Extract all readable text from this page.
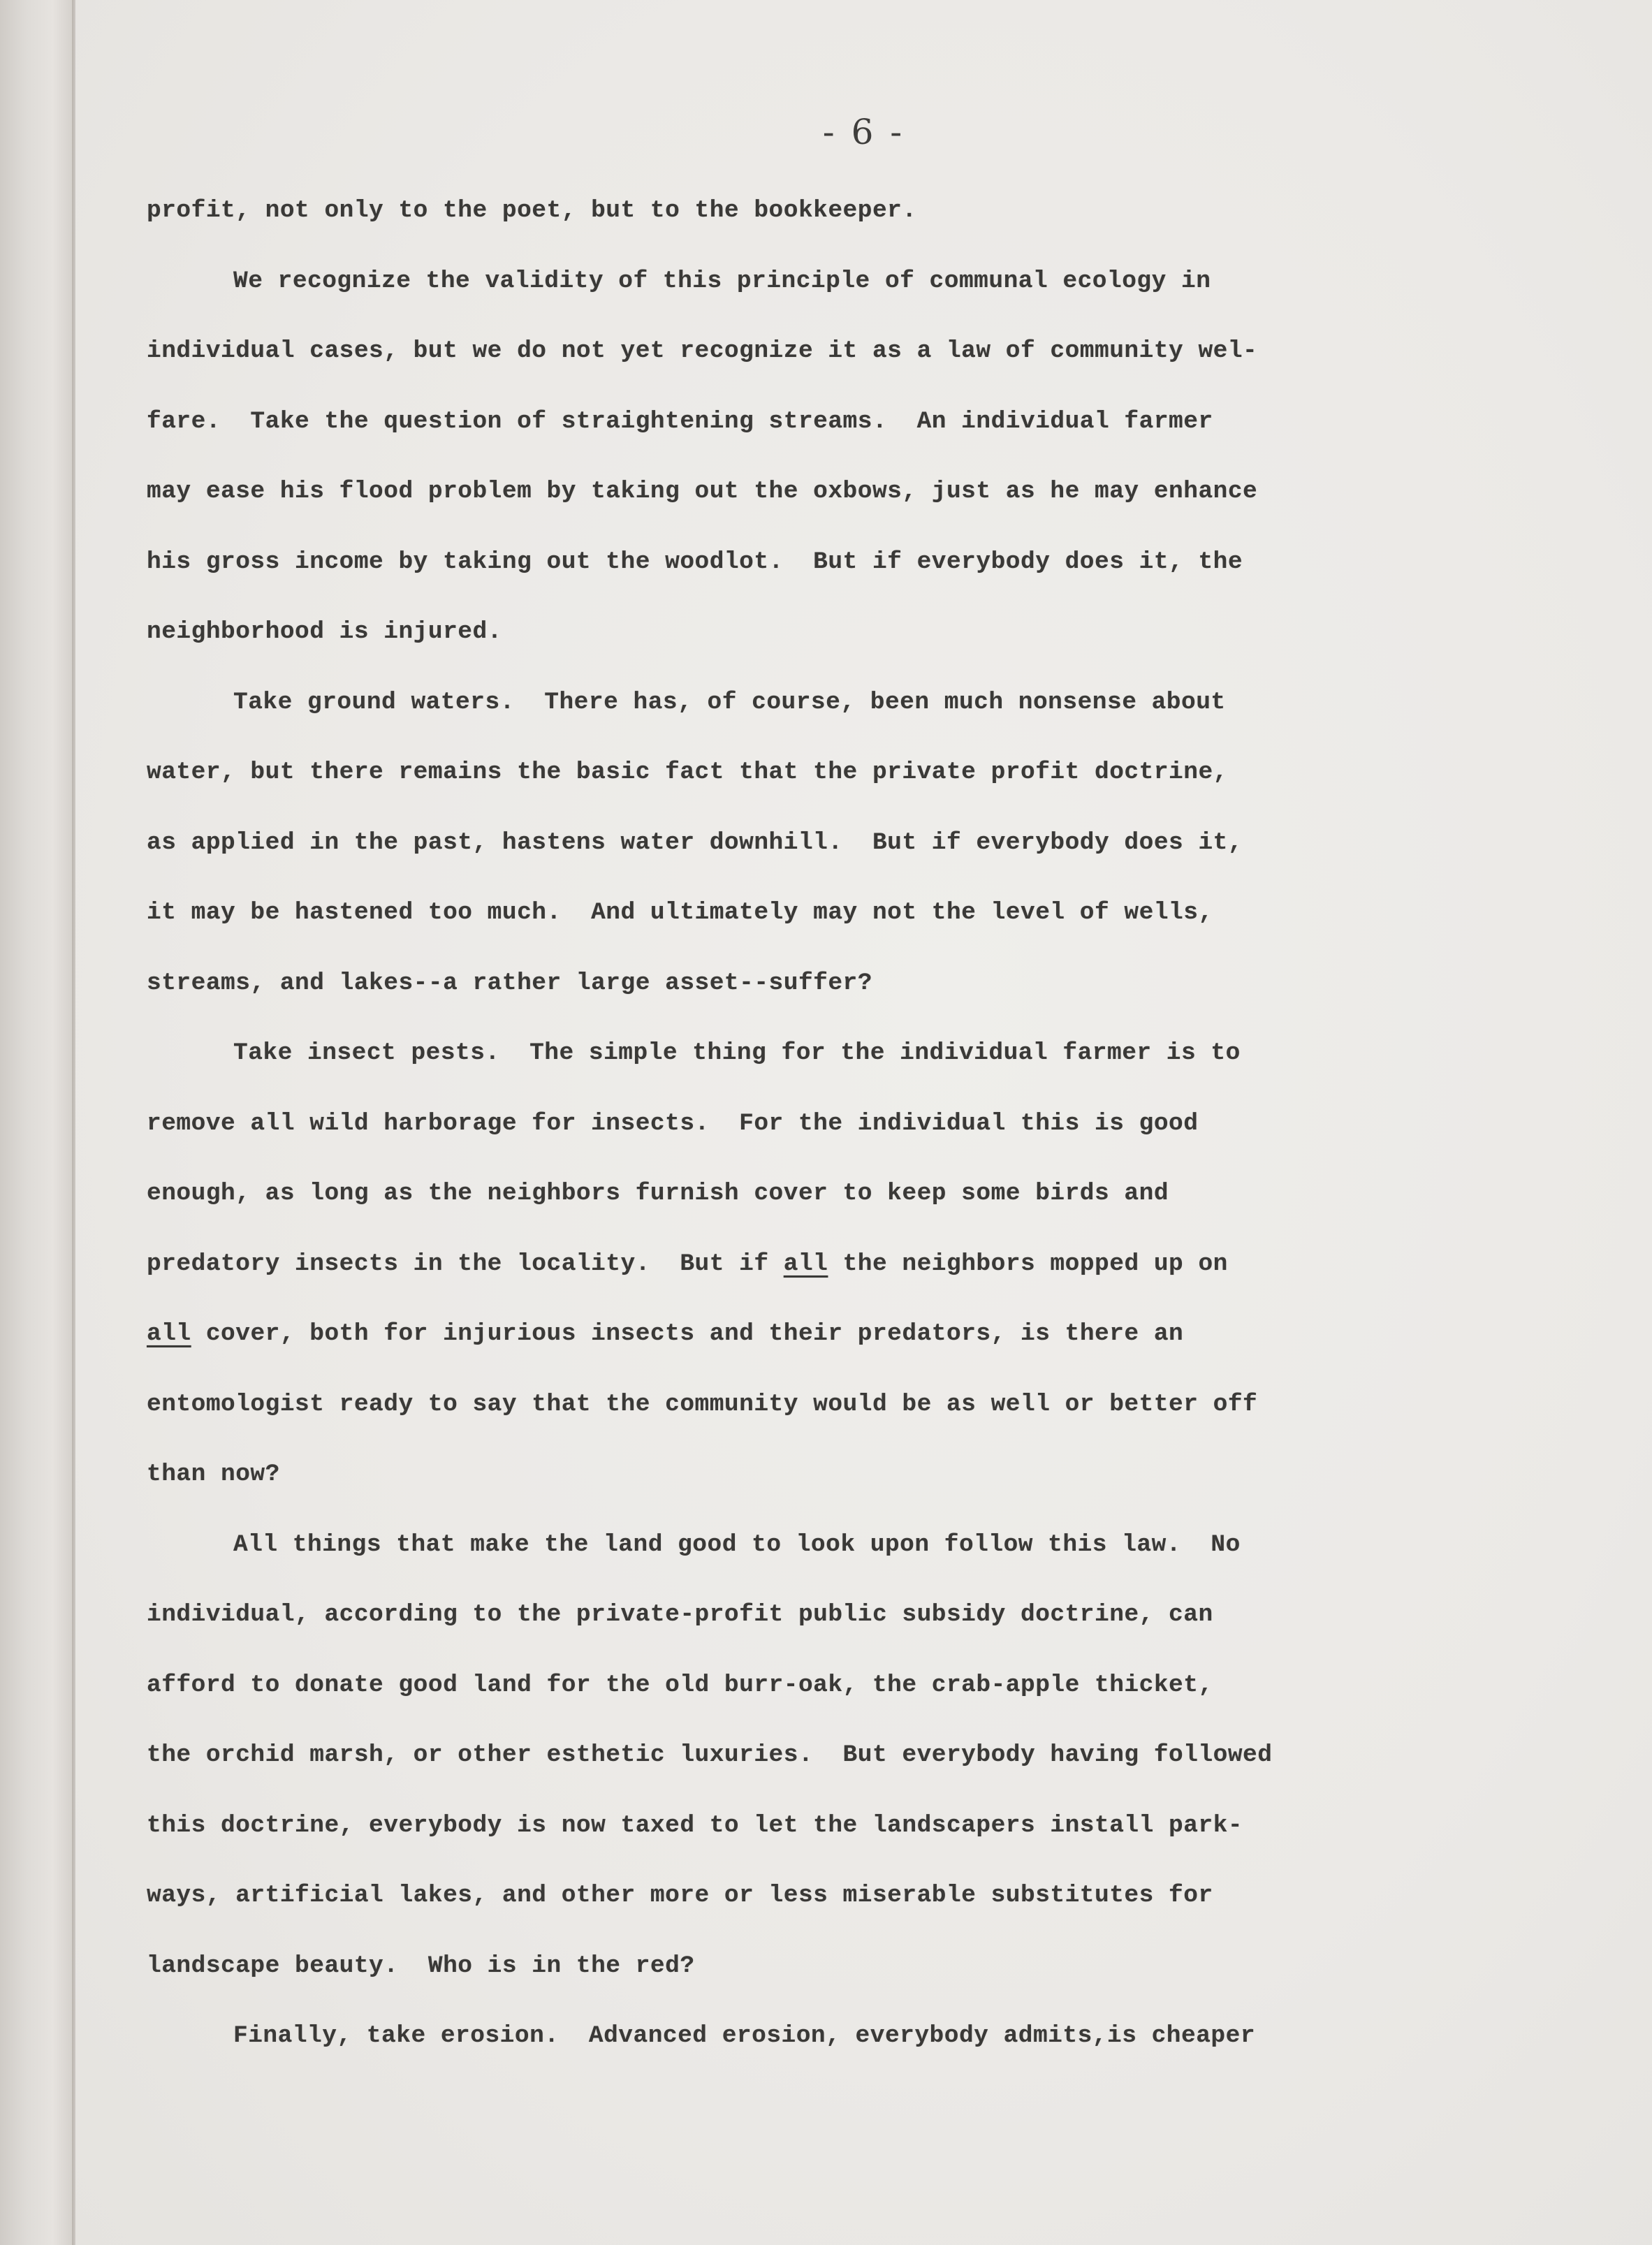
- 6 -
profit, not only to the poet, but to the bookkeeper.
We recognize the validity of this principle of communal ecology in
individual cases, but we do not yet recognize it as a law of community wel-
fare.  Take the question of straightening streams.  An individual farmer
may ease his flood problem by taking out the oxbows, just as he may enhance
his gross income by taking out the woodlot.  But if everybody does it, the
neighborhood is injured.
Take ground waters.  There has, of course, been much nonsense about
water, but there remains the basic fact that the private profit doctrine,
as applied in the past, hastens water downhill.  But if everybody does it,
it may be hastened too much.  And ultimately may not the level of wells,
streams, and lakes--a rather large asset--suffer?
Take insect pests.  The simple thing for the individual farmer is to
remove all wild harborage for insects.  For the individual this is good
enough, as long as the neighbors furnish cover to keep some birds and
predatory insects in the locality.  But if all the neighbors mopped up on
all cover, both for injurious insects and their predators, is there an
entomologist ready to say that the community would be as well or better off
than now?
All things that make the land good to look upon follow this law.  No
individual, according to the private-profit public subsidy doctrine, can
afford to donate good land for the old burr-oak, the crab-apple thicket,
the orchid marsh, or other esthetic luxuries.  But everybody having followed
this doctrine, everybody is now taxed to let the landscapers install park-
ways, artificial lakes, and other more or less miserable substitutes for
landscape beauty.  Who is in the red?
Finally, take erosion.  Advanced erosion, everybody admits,is cheaper
